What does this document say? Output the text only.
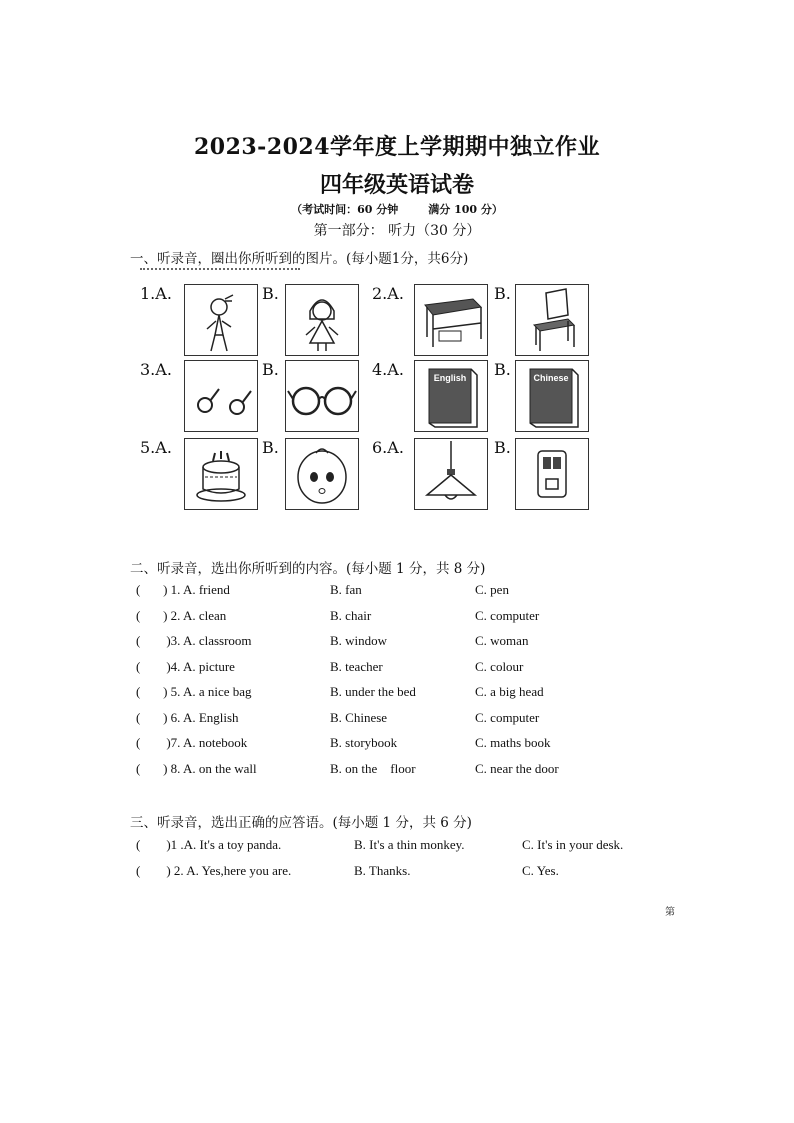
2023-2024学年度上学期期中独立作业
四年级英语试卷
（考试时间：60 分钟	满分 100 分）
第一部分： 听力（30 分）
一、听录音，圈出你所听到的图片。(每小题1分，共6分)
1.A.	B.	2.A.	B.
3.A.	B.	4.A.	English B.	Chinese
5.A.	B.	6.A.	B.
二、听录音，选出你所听到的内容。(每小题 1 分，共 8 分)
(       ) 1. A. friend	B. fan	C. pen
(       ) 2. A. clean	B. chair	C. computer
(        )3. A. classroom	B. window	C. woman
(        )4. A. picture	B. teacher	C. colour
(       ) 5. A. a nice bag	B. under the bed	C. a big head
(       ) 6. A. English	B. Chinese	C. computer
(        )7. A. notebook	B. storybook	C. maths book
(       ) 8. A. on the wall	B. on the    floor	C. near the door
三、听录音，选出正确的应答语。(每小题 1 分，共 6 分)
(        )1 .A. It's a toy panda.	B. It's a thin monkey.	C. It's in your desk.
(        ) 2. A. Yes,here you are.	B. Thanks.	C. Yes.
第
